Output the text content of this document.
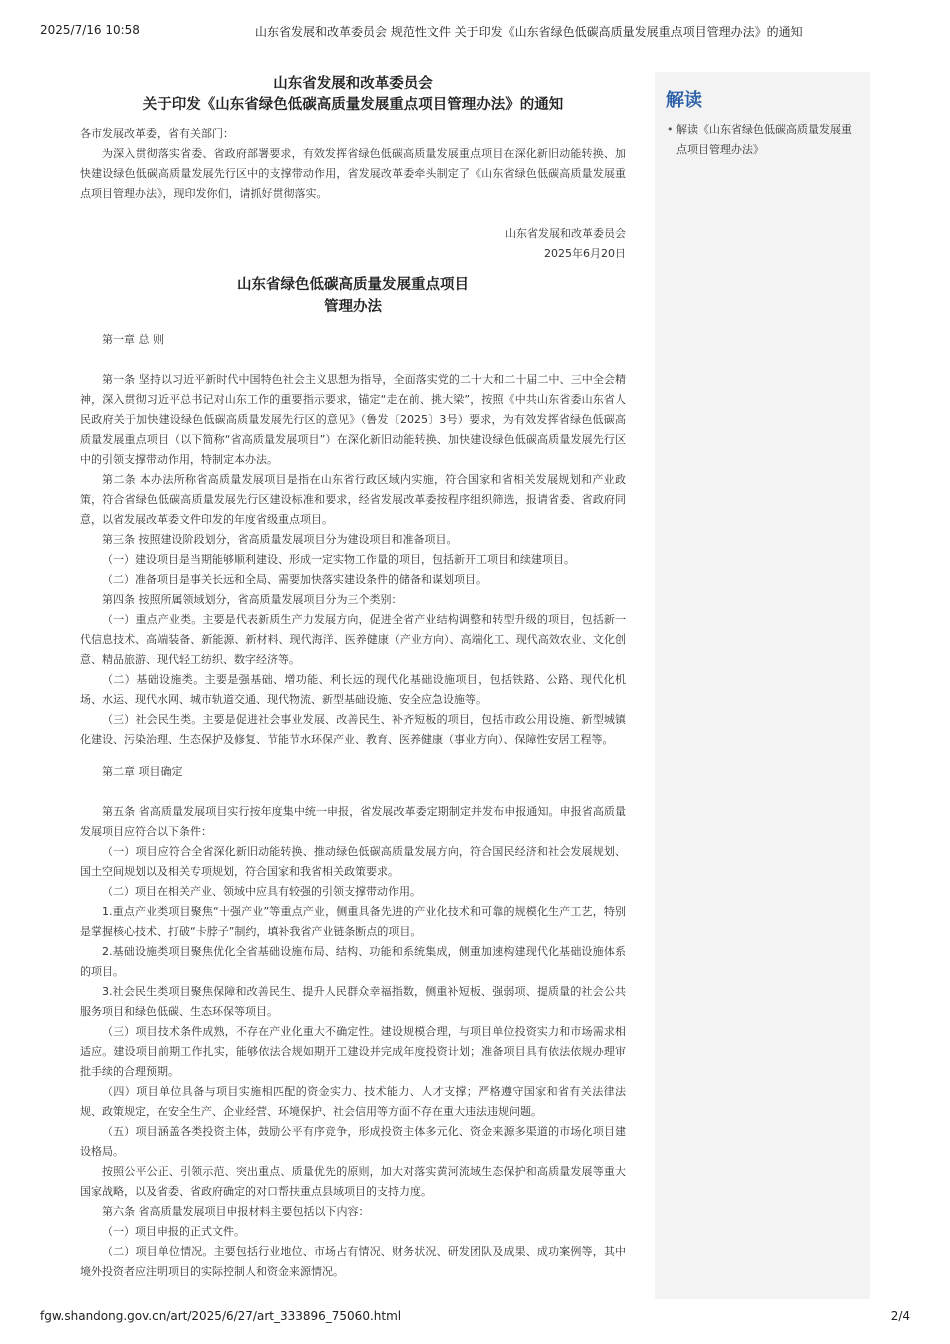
2025/7/16 10:58	山东省发展和改革委员会 规范性文件 关于印发《山东省绿色低碳高质量发展重点项目管理办法》的通知
山东省发展和改革委员会
关于印发《山东省绿色低碳高质量发展重点项目管理办法》的通知

各市发展改革委，省有关部门：

为深入贯彻落实省委、省政府部署要求，有效发挥省绿色低碳高质量发展重点项目在深化新旧动能转换、加快建设绿色低碳高质量发展先行区中的支撑带动作用，省发展改革委牵头制定了《山东省绿色低碳高质量发展重点项目管理办法》，现印发你们，请抓好贯彻落实。

山东省发展和改革委员会
2025年6月20日
山东省绿色低碳高质量发展重点项目
管理办法

第一章 总 则

第一条 坚持以习近平新时代中国特色社会主义思想为指导，全面落实党的二十大和二十届二中、三中全会精神，深入贯彻习近平总书记对山东工作的重要指示要求，锚定“走在前、挑大梁”，按照《中共山东省委山东省人民政府关于加快建设绿色低碳高质量发展先行区的意见》（鲁发〔2025〕3号）要求，为有效发挥省绿色低碳高质量发展重点项目（以下简称“省高质量发展项目”）在深化新旧动能转换、加快建设绿色低碳高质量发展先行区中的引领支撑带动作用，特制定本办法。

第二条 本办法所称省高质量发展项目是指在山东省行政区域内实施，符合国家和省相关发展规划和产业政策，符合省绿色低碳高质量发展先行区建设标准和要求，经省发展改革委按程序组织筛选，报请省委、省政府同意，以省发展改革委文件印发的年度省级重点项目。

第三条 按照建设阶段划分，省高质量发展项目分为建设项目和准备项目。

（一）建设项目是当期能够顺利建设、形成一定实物工作量的项目，包括新开工项目和续建项目。

（二）准备项目是事关长远和全局、需要加快落实建设条件的储备和谋划项目。

第四条 按照所属领域划分，省高质量发展项目分为三个类别：

（一）重点产业类。主要是代表新质生产力发展方向，促进全省产业结构调整和转型升级的项目，包括新一代信息技术、高端装备、新能源、新材料、现代海洋、医养健康（产业方向）、高端化工、现代高效农业、文化创意、精品旅游、现代轻工纺织、数字经济等。

（二）基础设施类。主要是强基础、增功能、利长远的现代化基础设施项目，包括铁路、公路、现代化机场、水运、现代水网、城市轨道交通、现代物流、新型基础设施、安全应急设施等。

（三）社会民生类。主要是促进社会事业发展、改善民生、补齐短板的项目，包括市政公用设施、新型城镇化建设、污染治理、生态保护及修复、节能节水环保产业、教育、医养健康（事业方向）、保障性安居工程等。

第二章 项目确定

第五条 省高质量发展项目实行按年度集中统一申报，省发展改革委定期制定并发布申报通知。申报省高质量发展项目应符合以下条件：

（一）项目应符合全省深化新旧动能转换、推动绿色低碳高质量发展方向，符合国民经济和社会发展规划、国土空间规划以及相关专项规划，符合国家和我省相关政策要求。

（二）项目在相关产业、领域中应具有较强的引领支撑带动作用。

1.重点产业类项目聚焦“十强产业”等重点产业，侧重具备先进的产业化技术和可靠的规模化生产工艺，特别是掌握核心技术、打破“卡脖子”制约，填补我省产业链条断点的项目。

2.基础设施类项目聚焦优化全省基础设施布局、结构、功能和系统集成，侧重加速构建现代化基础设施体系的项目。

3.社会民生类项目聚焦保障和改善民生、提升人民群众幸福指数，侧重补短板、强弱项、提质量的社会公共服务项目和绿色低碳、生态环保等项目。

（三）项目技术条件成熟，不存在产业化重大不确定性。建设规模合理，与项目单位投资实力和市场需求相适应。建设项目前期工作扎实，能够依法合规如期开工建设并完成年度投资计划；准备项目具有依法依规办理审批手续的合理预期。

（四）项目单位具备与项目实施相匹配的资金实力、技术能力、人才支撑；严格遵守国家和省有关法律法规、政策规定，在安全生产、企业经营、环境保护、社会信用等方面不存在重大违法违规问题。

（五）项目涵盖各类投资主体，鼓励公平有序竞争，形成投资主体多元化、资金来源多渠道的市场化项目建设格局。

按照公平公正、引领示范、突出重点、质量优先的原则，加大对落实黄河流域生态保护和高质量发展等重大国家战略，以及省委、省政府确定的对口帮扶重点县域项目的支持力度。

第六条 省高质量发展项目申报材料主要包括以下内容：

（一）项目申报的正式文件。

（二）项目单位情况。主要包括行业地位、市场占有情况、财务状况、研发团队及成果、成功案例等，其中境外投资者应注明项目的实际控制人和资金来源情况。

解读
• 解读《山东省绿色低碳高质量发展重点项目管理办法》
fgw.shandong.gov.cn/art/2025/6/27/art_333896_75060.html	2/4
